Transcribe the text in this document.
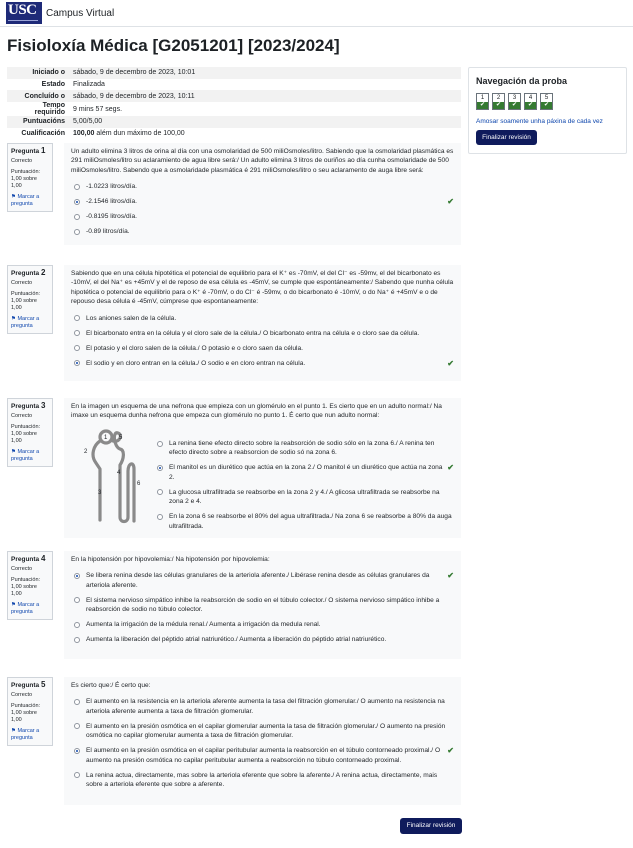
USC Campus Virtual
Fisioloxía Médica [G2051201] [2023/2024]
Iniciado o	sábado, 9 de decembro de 2023, 10:01
Estado	Finalizada
Concluído o	sábado, 9 de decembro de 2023, 10:11
Tempo requirido	9 mins 57 segs.
Puntuacións	5,00/5,00
Cualificación	100,00 além dun máximo de 100,00
Navegación da proba
1
✔
2
✔
3
✔
4
✔
5
✔
Amosar soamente unha páxina de cada vez
Finalizar revisión
Pregunta 1
Correcto
Puntuación:
1,00 sobre 1,00
⚑ Marcar a pregunta
Un adulto elimina 3 litros de orina al día con una osmolaridad de 500 miliOsmoles/litro. Sabiendo que la osmolaridad plasmática es 291 miliOsmoles/litro su aclaramiento de agua libre será:/ Un adulto elimina 3 litros de ouriños ao día cunha osmolaridade de 500 miliOsmoles/litro. Sabendo que a osmolaridade plasmática é 291 miliOsmoles/litro o seu aclaramento de auga libre será:
-1.0223 litros/día.
-2.1546 litros/día.	✔
-0.8195 litros/día.
-0.89 litros/día.
Pregunta 2
Correcto
Puntuación:
1,00 sobre 1,00
⚑ Marcar a pregunta
Sabiendo que en una célula hipotética el potencial de equilibrio para el K⁺ es -70mV, el del Cl⁻ es -59mv, el del bicarbonato es -10mV, el del Na⁺ es +45mV y el de reposo de esa célula es -45mV, se cumple que espontáneamente:/ Sabendo que nunha célula hipotética o potencial de equilibrio para o K⁺ é -70mV, o do Cl⁻ é -59mv, o do bicarbonato é -10mV, o do Na⁺ é +45mV e o de repouso desa célula é -45mV, cúmprese que espontaneamente:
Los aniones salen de la célula.
El bicarbonato entra en la célula y el cloro sale de la célula./ O bicarbonato entra na célula e o cloro sae da célula.
El potasio y el cloro salen de la célula./ O potasio e o cloro saen da célula.
El sodio y en cloro entran en la célula./ O sodio e en cloro entran na célula.	✔
Pregunta 3
Correcto
Puntuación:
1,00 sobre 1,00
⚑ Marcar a pregunta
En la imagen un esquema de una nefrona que empieza con un glomérulo en el punto 1. Es cierto que en un adulto normal:/ Na imaxe un esquema dunha nefrona que empeza cun glomérulo no punto 1. É certo que nun adulto normal:
La renina tiene efecto directo sobre la reabsorción de sodio sólo en la zona 6./ A renina ten efecto directo sobre a reabsorcion de sodio só na zona 6.
El manitol es un diurético que actúa en la zona 2./ O manitol é un diurético que actúa na zona 2.
✔
La glucosa ultrafiltrada se reabsorbe en la zona 2 y 4./ A glicosa ultrafiltrada se reabsorbe na zona 2 e 4.
En la zona 6 se reabsorbe el 80% del agua ultrafiltrada./ Na zona 6 se reabsorbe a 80% da auga ultrafiltrada.
Pregunta 4
Correcto
Puntuación:
1,00 sobre 1,00
⚑ Marcar a pregunta
En la hipotensión por hipovolemia:/ Na hipotensión por hipovolemia:
Se libera renina desde las células granulares de la arteriola aferente./ Libérase renina desde as células granulares da arteriola aferente.
✔
El sistema nervioso simpático inhibe la reabsorción de sodio en el túbulo colector./ O sistema nervioso simpático inhibe a reabsorción de sodio no túbulo colector.
Aumenta la irrigación de la médula renal./ Aumenta a irrigación da medula renal.
Aumenta la liberación del péptido atrial natriurético./ Aumenta a liberación do péptido atrial natriurético.
Pregunta 5
Correcto
Puntuación:
1,00 sobre 1,00
⚑ Marcar a pregunta
Es cierto que:/ É certo que:
El aumento en la resistencia en la arteriola aferente aumenta la tasa del filtración glomerular./ O aumento na resistencia na arteriola aferente aumenta a taxa de filtración glomerular.
El aumento en la presión osmótica en el capilar glomerular aumenta la tasa de filtración glomerular./ O aumento na presión osmótica no capilar glomerular aumenta a taxa de filtración glomerular.
El aumento en la presión osmótica en el capilar peritubular aumenta la reabsorción en el túbulo contorneado proximal./ O aumento na presión osmótica no capilar peritubular aumenta a reabsorción no túbulo contorneado proximal.
✔
La renina actua, directamente, mas sobre la arteriola eferente que sobre la aferente./ A renina actua, directamente, mais sobre a arteriola eferente que sobre a aferente.
1
2
3
4
5
6
Finalizar revisión
